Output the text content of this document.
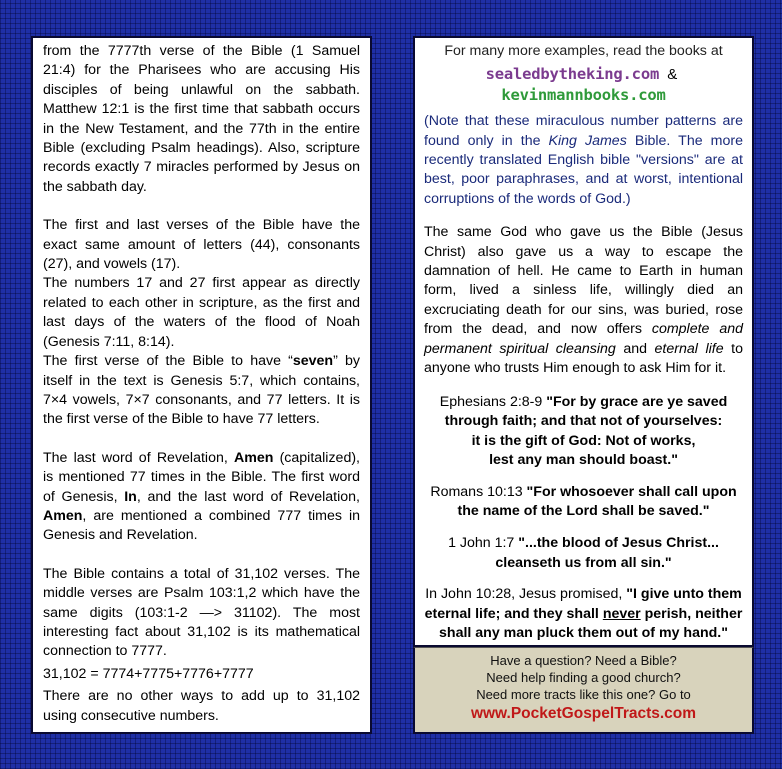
from the 7777th verse of the Bible (1 Samuel 21:4) for the Pharisees who are accusing His disciples of being unlawful on the sabbath. Matthew 12:1 is the first time that sabbath occurs in the New Testament, and the 77th in the entire Bible (excluding Psalm headings). Also, scripture records exactly 7 miracles performed by Jesus on the sabbath day.

The first and last verses of the Bible have the exact same amount of letters (44), consonants (27), and vowels (17).

The numbers 17 and 27 first appear as directly related to each other in scripture, as the first and last days of the waters of the flood of Noah (Genesis 7:11, 8:14).

The first verse of the Bible to have “seven” by itself in the text is Genesis 5:7, which contains, 7×4 vowels, 7×7 consonants, and 77 letters. It is the first verse of the Bible to have 77 letters.

The last word of Revelation, Amen (capitalized), is mentioned 77 times in the Bible. The first word of Genesis, In, and the last word of Revelation, Amen, are mentioned a combined 777 times in Genesis and Revelation.

The Bible contains a total of 31,102 verses. The middle verses are Psalm 103:1,2 which have the same digits (103:1-2 —> 31102). The most interesting fact about 31,102 is its mathematical connection to 7777.

31,102 = 7774+7775+7776+7777

There are no other ways to add up to 31,102 using consecutive numbers.

For many more examples, read the books at

sealedbytheking.com &  kevinmannbooks.com

(Note that these miraculous number patterns are found only in the King James Bible. The more recently translated English bible "versions" are at best, poor paraphrases, and at worst, intentional corruptions of the words of God.)

The same God who gave us the Bible (Jesus Christ) also gave us a way to escape the damnation of hell. He came to Earth in human form, lived a sinless life, willingly died an excruciating death for our sins, was buried, rose from the dead, and now offers complete and permanent spiritual cleansing and eternal life to anyone who trusts Him enough to ask Him for it.

Ephesians 2:8-9 "For by grace are ye saved
through faith; and that not of yourselves:
it is the gift of God: Not of works,
lest any man should boast."

Romans 10:13 "For whosoever shall call upon
the name of the Lord shall be saved."

1 John 1:7 "...the blood of Jesus Christ...
cleanseth us from all sin."

In John 10:28, Jesus promised, "I give unto them
eternal life; and they shall never perish, neither
shall any man pluck them out of my hand."

Have a question? Need a Bible?

Need help finding a good church?

Need more tracts like this one? Go to

www.PocketGospelTracts.com
